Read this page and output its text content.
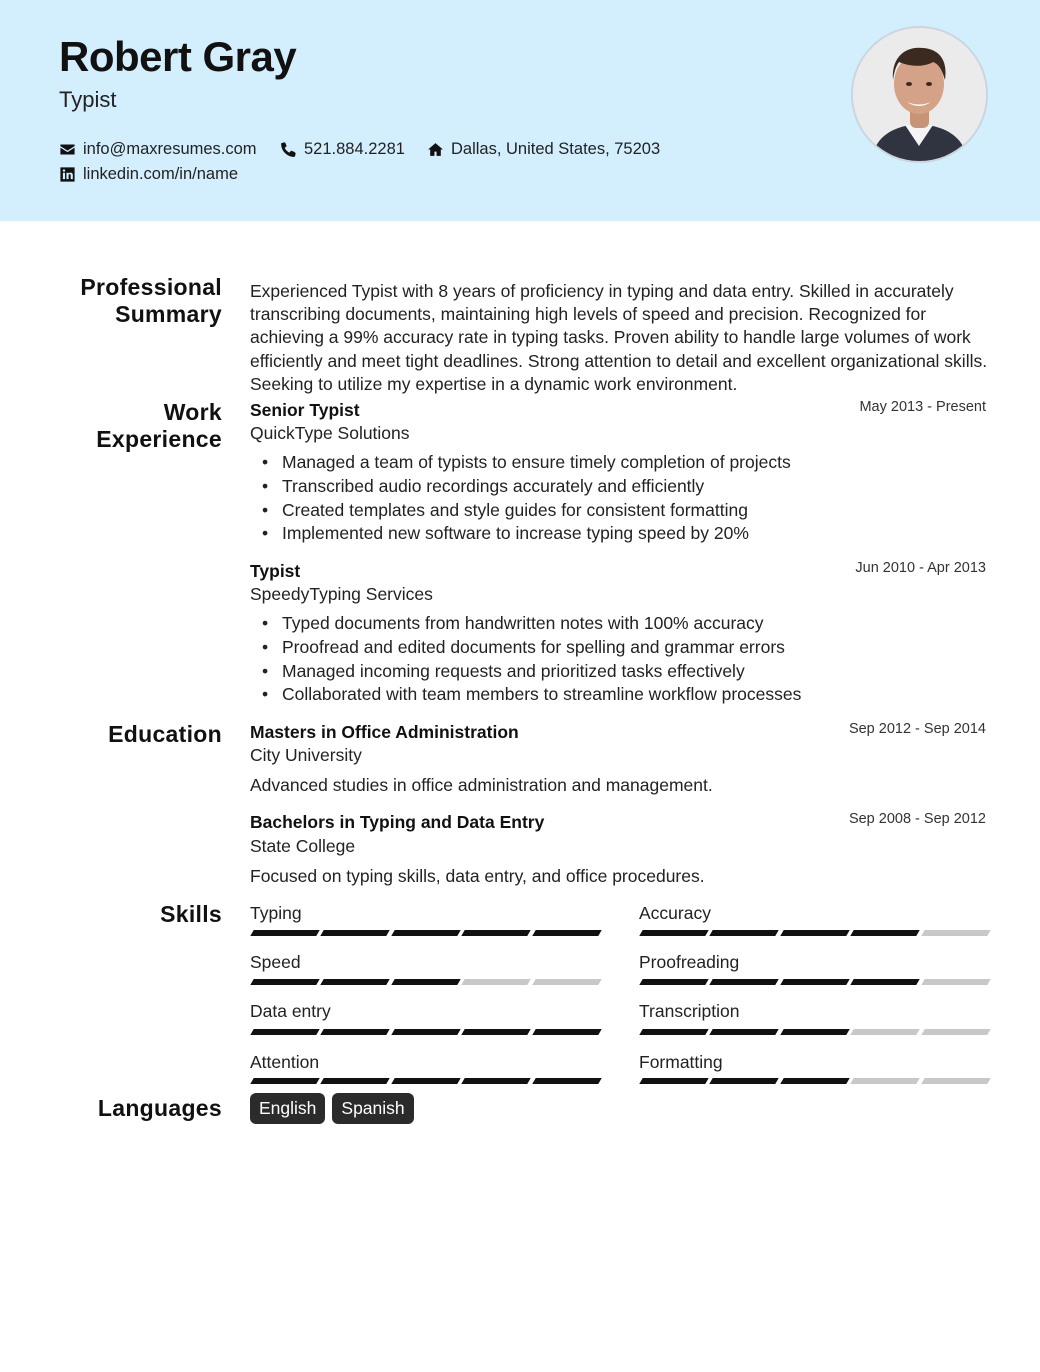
Robert Gray
Typist
info@maxresumes.com	521.884.2281	Dallas, United States, 75203
linkedin.com/in/name
Professional
Summary
Experienced Typist with 8 years of proficiency in typing and data entry. Skilled in accurately transcribing documents, maintaining high levels of speed and precision. Recognized for achieving a 99% accuracy rate in typing tasks. Proven ability to handle large volumes of work efficiently and meet tight deadlines. Strong attention to detail and excellent organizational skills. Seeking to utilize my expertise in a dynamic work environment.
Work
Experience
Senior Typist	May 2013 - Present
QuickType Solutions
• Managed a team of typists to ensure timely completion of projects
• Transcribed audio recordings accurately and efficiently
• Created templates and style guides for consistent formatting
• Implemented new software to increase typing speed by 20%
Typist	Jun 2010 - Apr 2013
SpeedyTyping Services
• Typed documents from handwritten notes with 100% accuracy
• Proofread and edited documents for spelling and grammar errors
• Managed incoming requests and prioritized tasks effectively
• Collaborated with team members to streamline workflow processes
Education Masters in Office Administration	Sep 2012 - Sep 2014
City University
Advanced studies in office administration and management.
Bachelors in Typing and Data Entry	Sep 2008 - Sep 2012
State College
Focused on typing skills, data entry, and office procedures.
Skills Typing	Accuracy
Speed	Proofreading
Data entry	Transcription
Attention	Formatting
Languages	English	Spanish
